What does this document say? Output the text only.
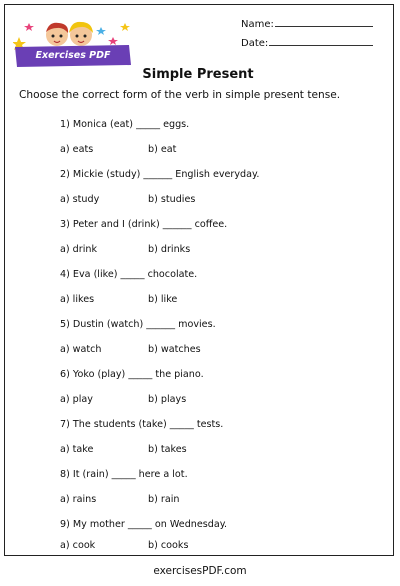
Exercises PDF
Name:
Date:
Simple Present
Choose the correct form of the verb in simple present tense.
1) Monica (eat) _____ eggs.
a) eats	b) eat
2) Mickie (study) ______ English everyday.
a) study	b) studies
3) Peter and I (drink) ______ coffee.
a) drink	b) drinks
4) Eva (like) _____ chocolate.
a) likes	b) like
5) Dustin (watch) ______ movies.
a) watch	b) watches
6) Yoko (play) _____ the piano.
a) play	b) plays
7) The students (take) _____ tests.
a) take	b) takes
8) It (rain) _____ here a lot.
a) rains	b) rain
9) My mother _____ on Wednesday.
a) cook	b) cooks
exercisesPDF.com
